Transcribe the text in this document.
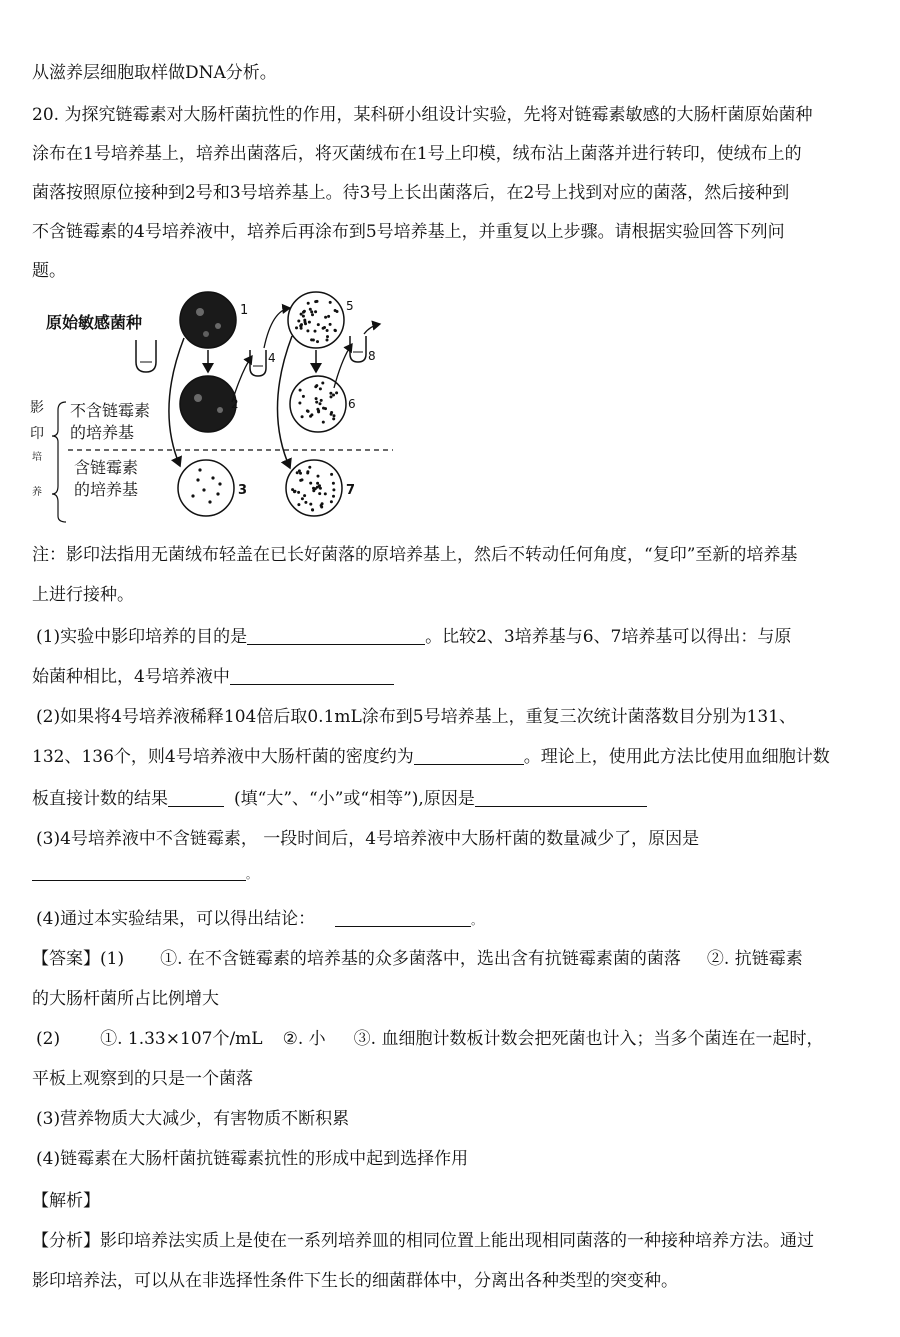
从滋养层细胞取样做DNA分析。
20. 为探究链霉素对大肠杆菌抗性的作用，某科研小组设计实验，先将对链霉素敏感的大肠杆菌原始菌种
涂布在1号培养基上，培养出菌落后，将灭菌绒布在1号上印模，绒布沾上菌落并进行转印，使绒布上的
菌落按照原位接种到2号和3号培养基上。待3号上长出菌落后，在2号上找到对应的菌落，然后接种到
不含链霉素的4号培养液中，培养后再涂布到5号培养基上，并重复以上步骤。请根据实验回答下列问
题。
原始敏感菌种
影
印
培
养
不含链霉素
的培养基
含链霉素
的培养基
1
2
3
4
5
6
7
8
注：影印法指用无菌绒布轻盖在已长好菌落的原培养基上，然后不转动任何角度，“复印”至新的培养基
上进行接种。
(1)实验中影印培养的目的是	。比较2、3培养基与6、7培养基可以得出：与原
始菌种相比，4号培养液中
(2)如果将4号培养液稀释104倍后取0.1mL涂布到5号培养基上，重复三次统计菌落数目分别为131、
132、136个，则4号培养液中大肠杆菌的密度约为	。理论上，使用此方法比使用血细胞计数
板直接计数的结果	(填“大”、“小”或“相等”),原因是
(3)4号培养液中不含链霉素， 一段时间后，4号培养液中大肠杆菌的数量减少了，原因是
。
(4)通过本实验结果，可以得出结论：	。
【答案】(1) ①. 在不含链霉素的培养基的众多菌落中，选出含有抗链霉素菌的菌落 ②. 抗链霉素
的大肠杆菌所占比例增大
(2) ①. 1.33×107个/mL ②. 小 ③. 血细胞计数板计数会把死菌也计入；当多个菌连在一起时，
平板上观察到的只是一个菌落
(3)营养物质大大减少，有害物质不断积累
(4)链霉素在大肠杆菌抗链霉素抗性的形成中起到选择作用
【解析】
【分析】影印培养法实质上是使在一系列培养皿的相同位置上能出现相同菌落的一种接种培养方法。通过
影印培养法，可以从在非选择性条件下生长的细菌群体中，分离出各种类型的突变种。
